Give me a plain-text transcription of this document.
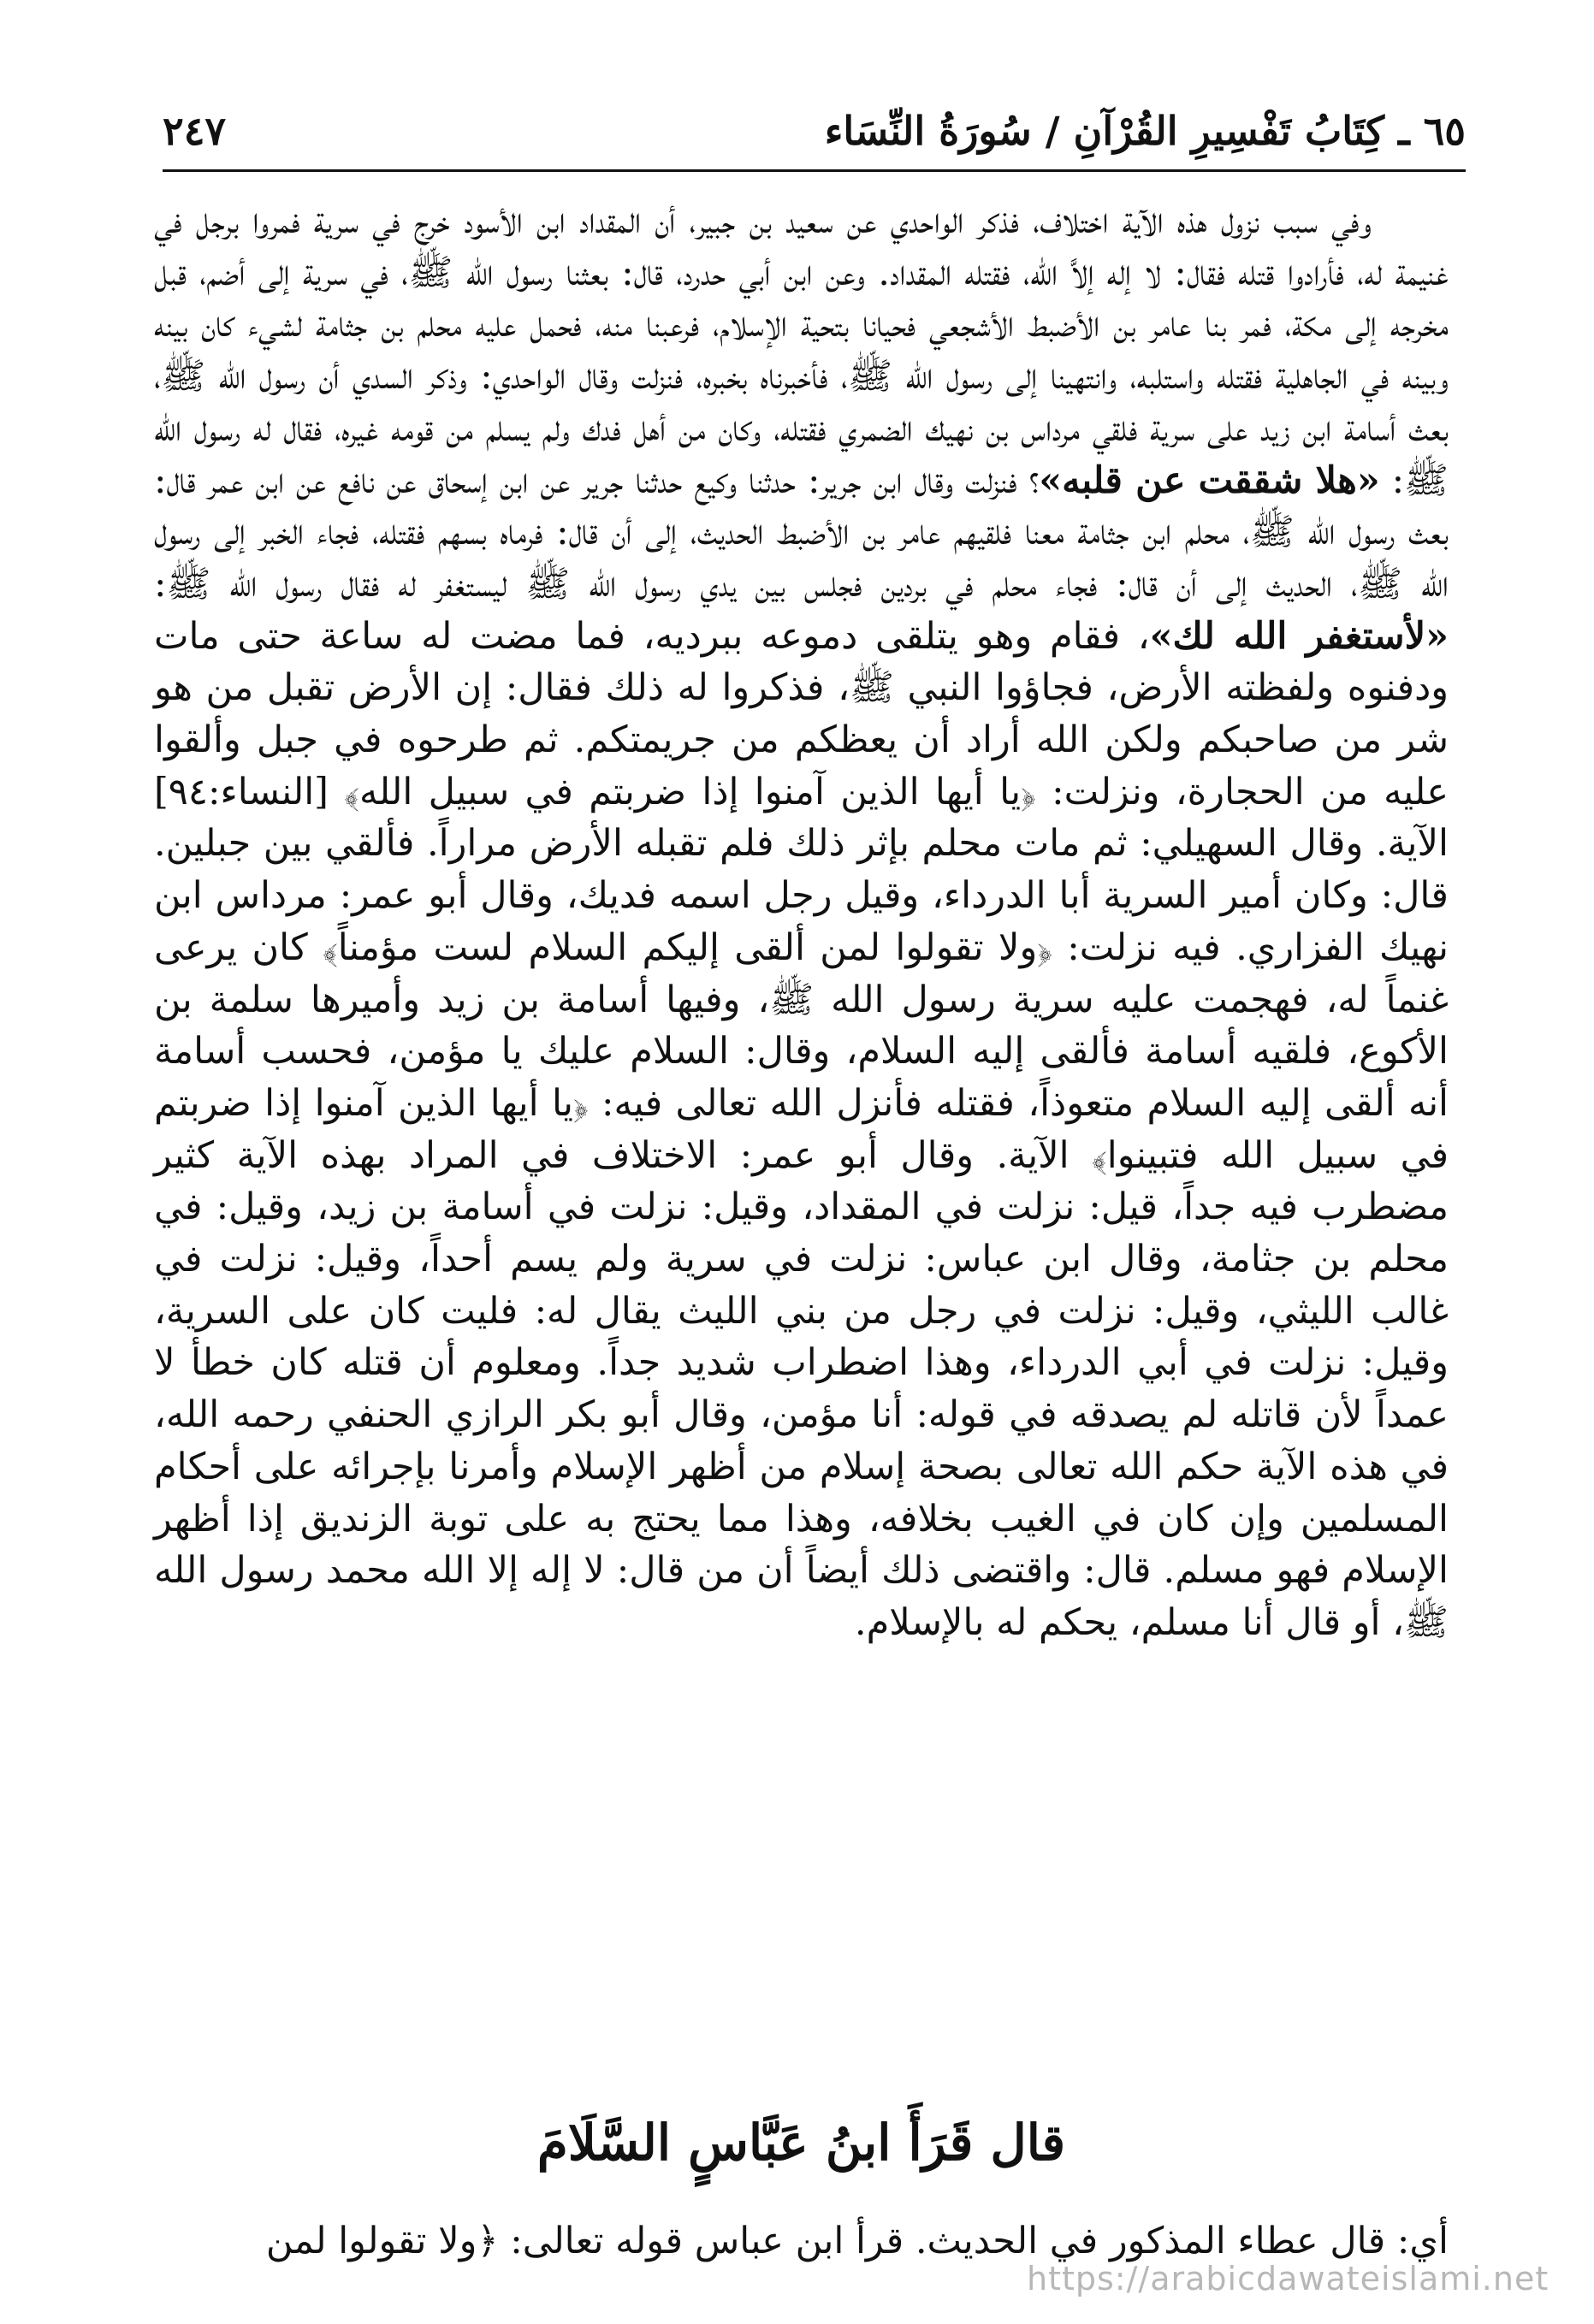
٦٥ ـ كِتَابُ تَفْسِيرِ القُرْآنِ / سُورَةُ النِّسَاء
٢٤٧

وفي سبب نزول هذه الآية اختلاف، فذكر الواحدي عن سعيد بن جبير، أن المقداد ابن الأسود خرج في سرية فمروا برجل في غنيمة له، فأرادوا قتله فقال: لا إله إلاَّ الله، فقتله المقداد. وعن ابن أبي حدرد، قال: بعثنا رسول الله ﷺ، في سرية إلى أضم، قبل مخرجه إلى مكة، فمر بنا عامر بن الأضبط الأشجعي فحيانا بتحية الإسلام، فرعبنا منه، فحمل عليه محلم بن جثامة لشيء كان بينه وبينه في الجاهلية فقتله واستلبه، وانتهينا إلى رسول الله ﷺ، فأخبرناه بخبره، فنزلت وقال الواحدي: وذكر السدي أن رسول الله ﷺ، بعث أسامة ابن زيد على سرية فلقي مرداس بن نهيك الضمري فقتله، وكان من أهل فدك ولم يسلم من قومه غيره، فقال له رسول الله ﷺ: «هلا شققت عن قلبه»؟ فنزلت وقال ابن جرير: حدثنا وكيع حدثنا جرير عن ابن إسحاق عن نافع عن ابن عمر قال: بعث رسول الله ﷺ، محلم ابن جثامة معنا فلقيهم عامر بن الأضبط الحديث، إلى أن قال: فرماه بسهم فقتله، فجاء الخبر إلى رسول الله ﷺ، الحديث إلى أن قال: فجاء محلم في بردين فجلس بين يدي رسول الله ﷺ ليستغفر له فقال رسول الله ﷺ: «لأستغفر الله لك»، فقام وهو يتلقى دموعه ببرديه، فما مضت له ساعة حتى مات ودفنوه ولفظته الأرض، فجاؤوا النبي ﷺ، فذكروا له ذلك فقال: إن الأرض تقبل من هو شر من صاحبكم ولكن الله أراد أن يعظكم من جريمتكم. ثم طرحوه في جبل وألقوا عليه من الحجارة، ونزلت: ﴿يا أيها الذين آمنوا إذا ضربتم في سبيل الله﴾ [النساء:٩٤] الآية. وقال السهيلي: ثم مات محلم بإثر ذلك فلم تقبله الأرض مراراً. فألقي بين جبلين. قال: وكان أمير السرية أبا الدرداء، وقيل رجل اسمه فديك، وقال أبو عمر: مرداس ابن نهيك الفزاري. فيه نزلت: ﴿ولا تقولوا لمن ألقى إليكم السلام لست مؤمناً﴾ كان يرعى غنماً له، فهجمت عليه سرية رسول الله ﷺ، وفيها أسامة بن زيد وأميرها سلمة بن الأكوع، فلقيه أسامة فألقى إليه السلام، وقال: السلام عليك يا مؤمن، فحسب أسامة أنه ألقى إليه السلام متعوذاً، فقتله فأنزل الله تعالى فيه: ﴿يا أيها الذين آمنوا إذا ضربتم في سبيل الله فتبينوا﴾ الآية. وقال أبو عمر: الاختلاف في المراد بهذه الآية كثير مضطرب فيه جداً، قيل: نزلت في المقداد، وقيل: نزلت في أسامة بن زيد، وقيل: في محلم بن جثامة، وقال ابن عباس: نزلت في سرية ولم يسم أحداً، وقيل: نزلت في غالب الليثي، وقيل: نزلت في رجل من بني الليث يقال له: فليت كان على السرية، وقيل: نزلت في أبي الدرداء، وهذا اضطراب شديد جداً. ومعلوم أن قتله كان خطأ لا عمداً لأن قاتله لم يصدقه في قوله: أنا مؤمن، وقال أبو بكر الرازي الحنفي رحمه الله، في هذه الآية حكم الله تعالى بصحة إسلام من أظهر الإسلام وأمرنا بإجرائه على أحكام المسلمين وإن كان في الغيب بخلافه، وهذا مما يحتج به على توبة الزنديق إذا أظهر الإسلام فهو مسلم. قال: واقتضى ذلك أيضاً أن من قال: لا إله إلا الله محمد رسول الله ﷺ، أو قال أنا مسلم، يحكم له بالإسلام.

قال قَرَأَ ابنُ عَبَّاسٍ السَّلَامَ
أي: قال عطاء المذكور في الحديث. قرأ ابن عباس قوله تعالى: ﴿ولا تقولوا لمن
https://arabicdawateislami.net
